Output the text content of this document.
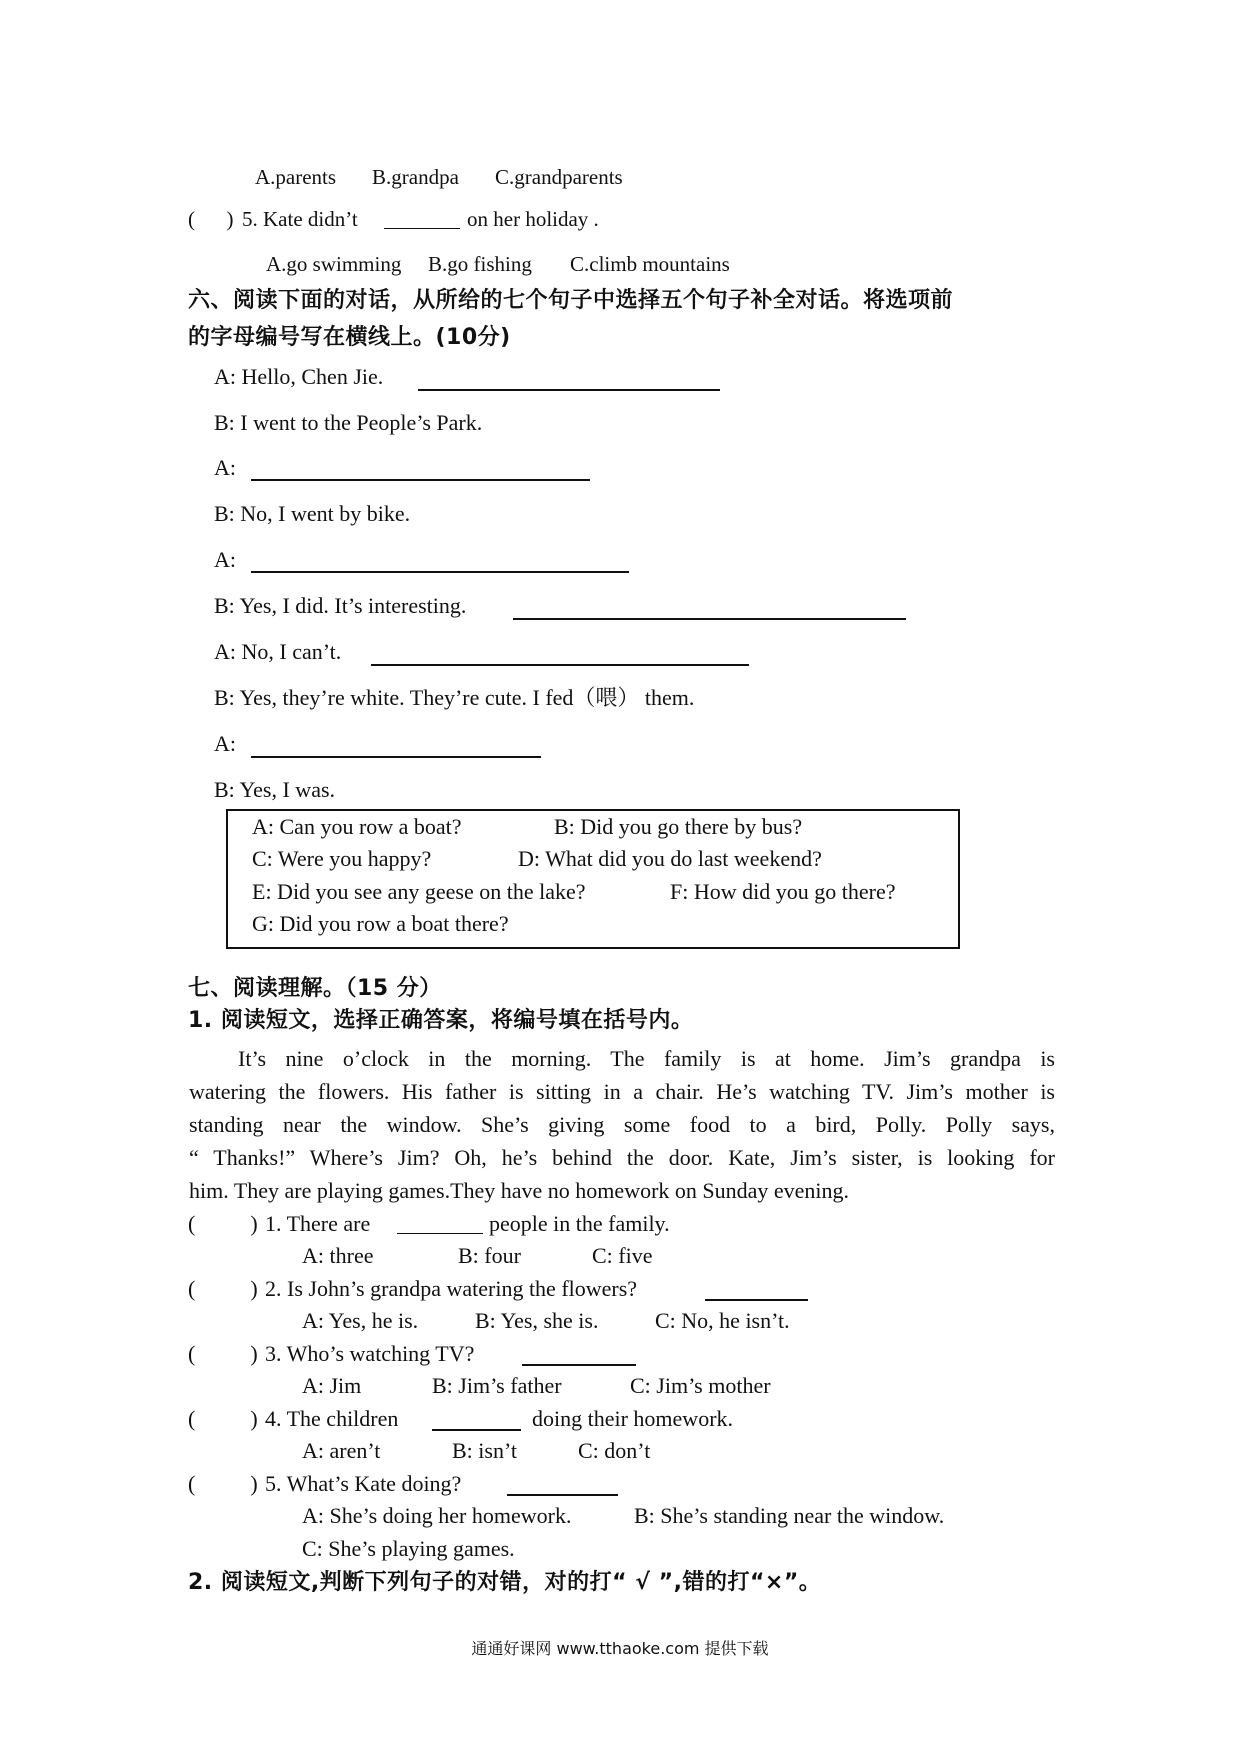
A.parents B.grandpa C.grandparents
(      ) 5. Kate didn’t	on her holiday .
A.go swimming B.go fishing C.climb mountains
六、阅读下面的对话，从所给的七个句子中选择五个句子补全对话。将选项前
的字母编号写在横线上。(10分)
A: Hello, Chen Jie.
B: I went to the People’s Park.
A:
B: No, I went by bike.
A:
B: Yes, I did. It’s interesting.
A: No, I can’t.
B: Yes, they’re white. They’re cute. I fed（喂） them.
A:
B: Yes, I was.
A: Can you row a boat?	B: Did you go there by bus?
C: Were you happy?	D: What did you do last weekend?
E: Did you see any geese on the lake?	F: How did you go there?
G: Did you row a boat there?
七、阅读理解。（15 分）
1. 阅读短文，选择正确答案，将编号填在括号内。
It’s nine o’clock in the morning. The family is at home. Jim’s grandpa is
watering the flowers. His father is sitting in a chair. He’s watching TV. Jim’s mother is
standing near the window. She’s giving some food to a bird, Polly. Polly says,
“ Thanks!” Where’s Jim? Oh, he’s behind the door. Kate, Jim’s sister, is looking for
him. They are playing games.They have no homework on Sunday evening.
(          ) 1. There are	people in the family.
A: three	B: four	C: five
(          ) 2. Is John’s grandpa watering the flowers?
A: Yes, he is.	B: Yes, she is.	C: No, he isn’t.
(          ) 3. Who’s watching TV?
A: Jim	B: Jim’s father	C: Jim’s mother
(          ) 4. The children	doing their homework.
A: aren’t	B: isn’t	C: don’t
(          ) 5. What’s Kate doing?
A: She’s doing her homework.	B: She’s standing near the window.
C: She’s playing games.
2. 阅读短文,判断下列句子的对错，对的打“ √ ”,错的打“×”。
通通好课网 www.tthaoke.com 提供下载
